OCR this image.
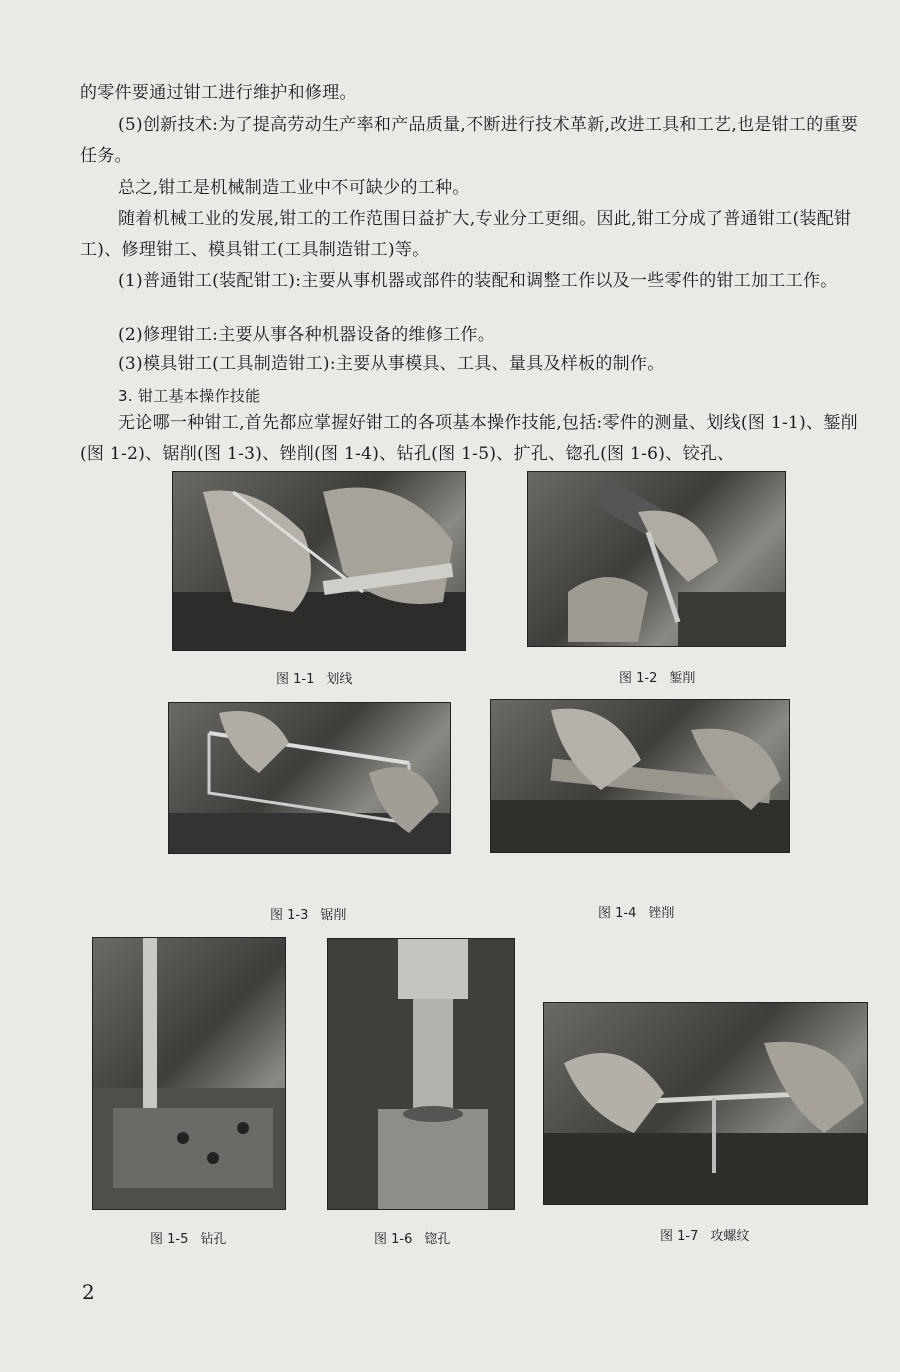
的零件要通过钳工进行维护和修理。

(5)创新技术:为了提高劳动生产率和产品质量,不断进行技术革新,改进工具和工艺,也是钳工的重要任务。

总之,钳工是机械制造工业中不可缺少的工种。

随着机械工业的发展,钳工的工作范围日益扩大,专业分工更细。因此,钳工分成了普通钳工(装配钳工)、修理钳工、模具钳工(工具制造钳工)等。

(1)普通钳工(装配钳工):主要从事机器或部件的装配和调整工作以及一些零件的钳工加工工作。

(2)修理钳工:主要从事各种机器设备的维修工作。

(3)模具钳工(工具制造钳工):主要从事模具、工具、量具及样板的制作。

3. 钳工基本操作技能

无论哪一种钳工,首先都应掌握好钳工的各项基本操作技能,包括:零件的测量、划线(图 1-1)、錾削(图 1-2)、锯削(图 1-3)、锉削(图 1-4)、钻孔(图 1-5)、扩孔、锪孔(图 1-6)、铰孔、

图 1-1 划线	图 1-2 錾削
图 1-3 锯削	图 1-4 锉削
图 1-5 钻孔	图 1-6 锪孔	图 1-7 攻螺纹
2
